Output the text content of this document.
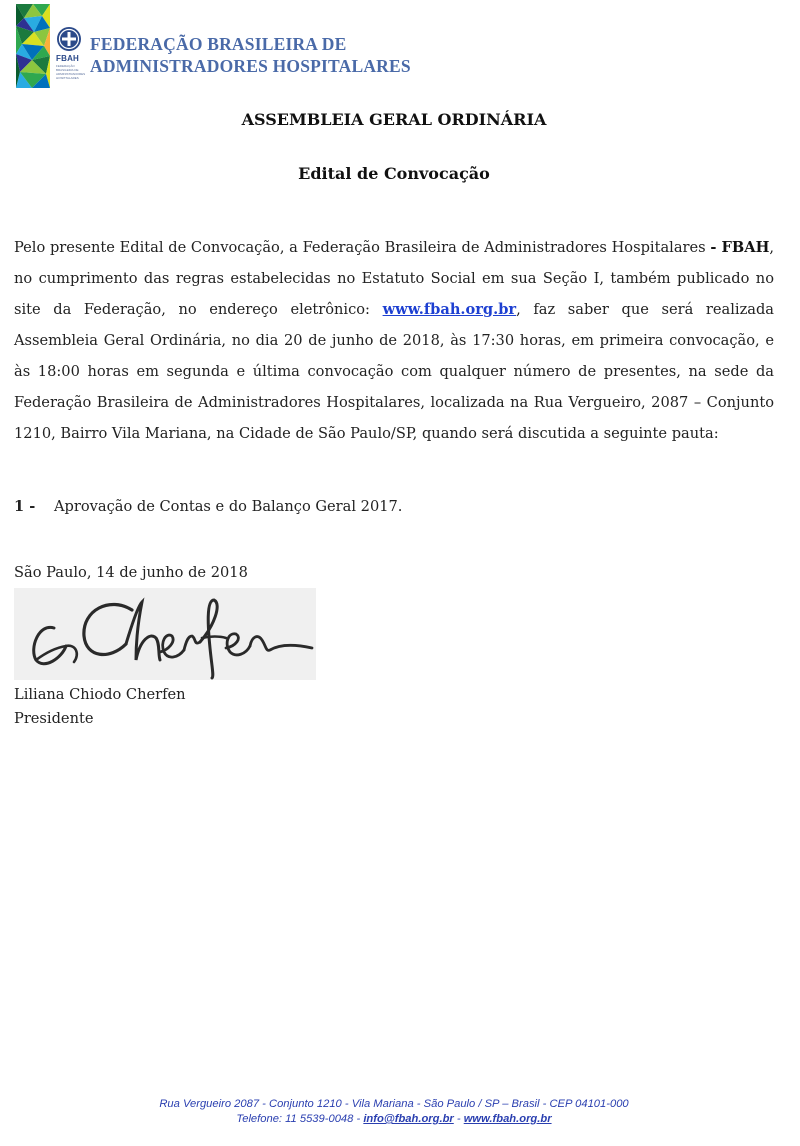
FBAH
FEDERAÇÃO BRASILEIRA DE ADMINISTRADORES HOSPITALARES
FEDERAÇÃO BRASILEIRA DE
ADMINISTRADORES HOSPITALARES
ASSEMBLEIA GERAL ORDINÁRIA
Edital de Convocação

Pelo presente Edital de Convocação, a Federação Brasileira de Administradores Hospitalares - FBAH, no cumprimento das regras estabelecidas no Estatuto Social em sua Seção I, também publicado no site da Federação, no endereço eletrônico: www.fbah.org.br, faz saber que será realizada Assembleia Geral Ordinária, no dia 20 de junho de 2018, às 17:30 horas, em primeira convocação, e às 18:00 horas em segunda e última convocação com qualquer número de presentes, na sede da Federação Brasileira de Administradores Hospitalares, localizada na Rua Vergueiro, 2087 – Conjunto 1210, Bairro Vila Mariana, na Cidade de São Paulo/SP, quando será discutida a seguinte pauta:

1 - Aprovação de Contas e do Balanço Geral 2017.

São Paulo, 14 de junho de 2018

Liliana Chiodo Cherfen
Presidente
Rua Vergueiro 2087 - Conjunto 1210 - Vila Mariana - São Paulo / SP – Brasil - CEP 04101-000
Telefone: 11 5539-0048 - info@fbah.org.br - www.fbah.org.br
